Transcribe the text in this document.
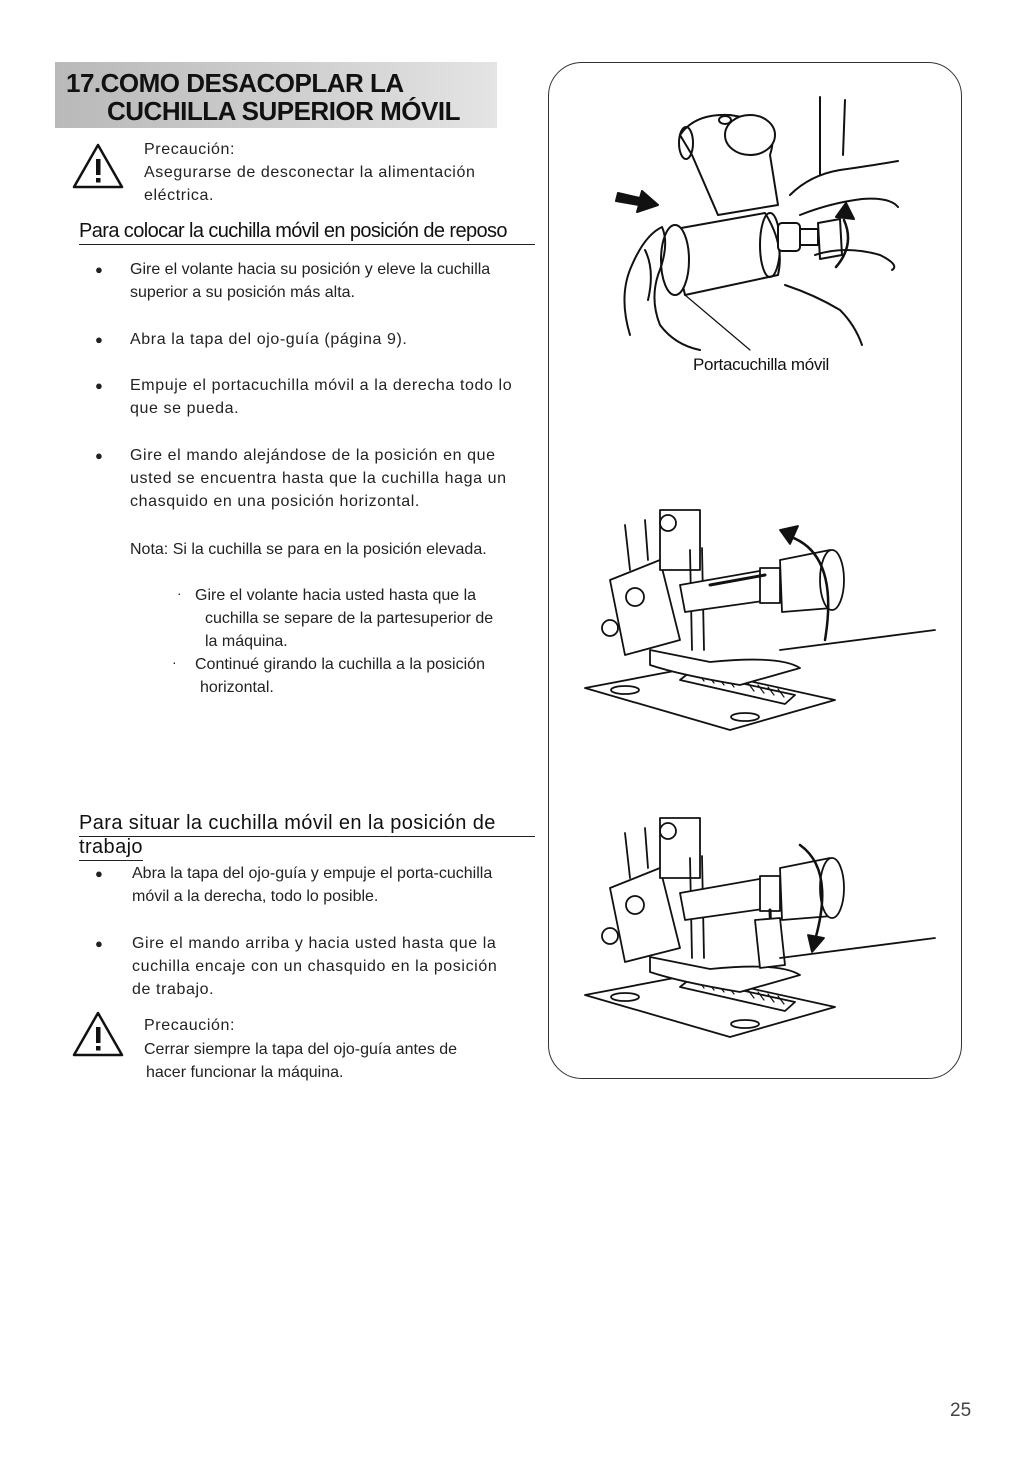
17.COMO DESACOPLAR LA
CUCHILLA SUPERIOR MÓVIL
Precaución:
Asegurarse de desconectar la alimentación
eléctrica.
Para colocar la cuchilla móvil en posición de reposo
● Gire el volante hacia su posición y eleve la cuchilla
superior a su posición más alta.
● Abra la tapa del ojo-guía (página 9).
● Empuje el portacuchilla móvil a la derecha todo lo
que se pueda.
● Gire el mando alejándose de la posición en que
usted se encuentra hasta que la cuchilla haga un
chasquido en una posición horizontal.
Nota: Si la cuchilla se para en la posición elevada.
· Gire el volante hacia usted hasta que la
cuchilla se separe de la partesuperior de
la máquina.
· Continué girando la cuchilla a la posición
horizontal.
Para situar la cuchilla móvil en la posición de
trabajo
● Abra la tapa del ojo-guía y empuje el porta-cuchilla
móvil a la derecha, todo lo posible.
● Gire el mando arriba y hacia usted hasta que la
cuchilla encaje con un chasquido en la posición
de trabajo.
Precaución:
Cerrar siempre la tapa del ojo-guía antes de
hacer funcionar la máquina.
Portacuchilla móvil
25
